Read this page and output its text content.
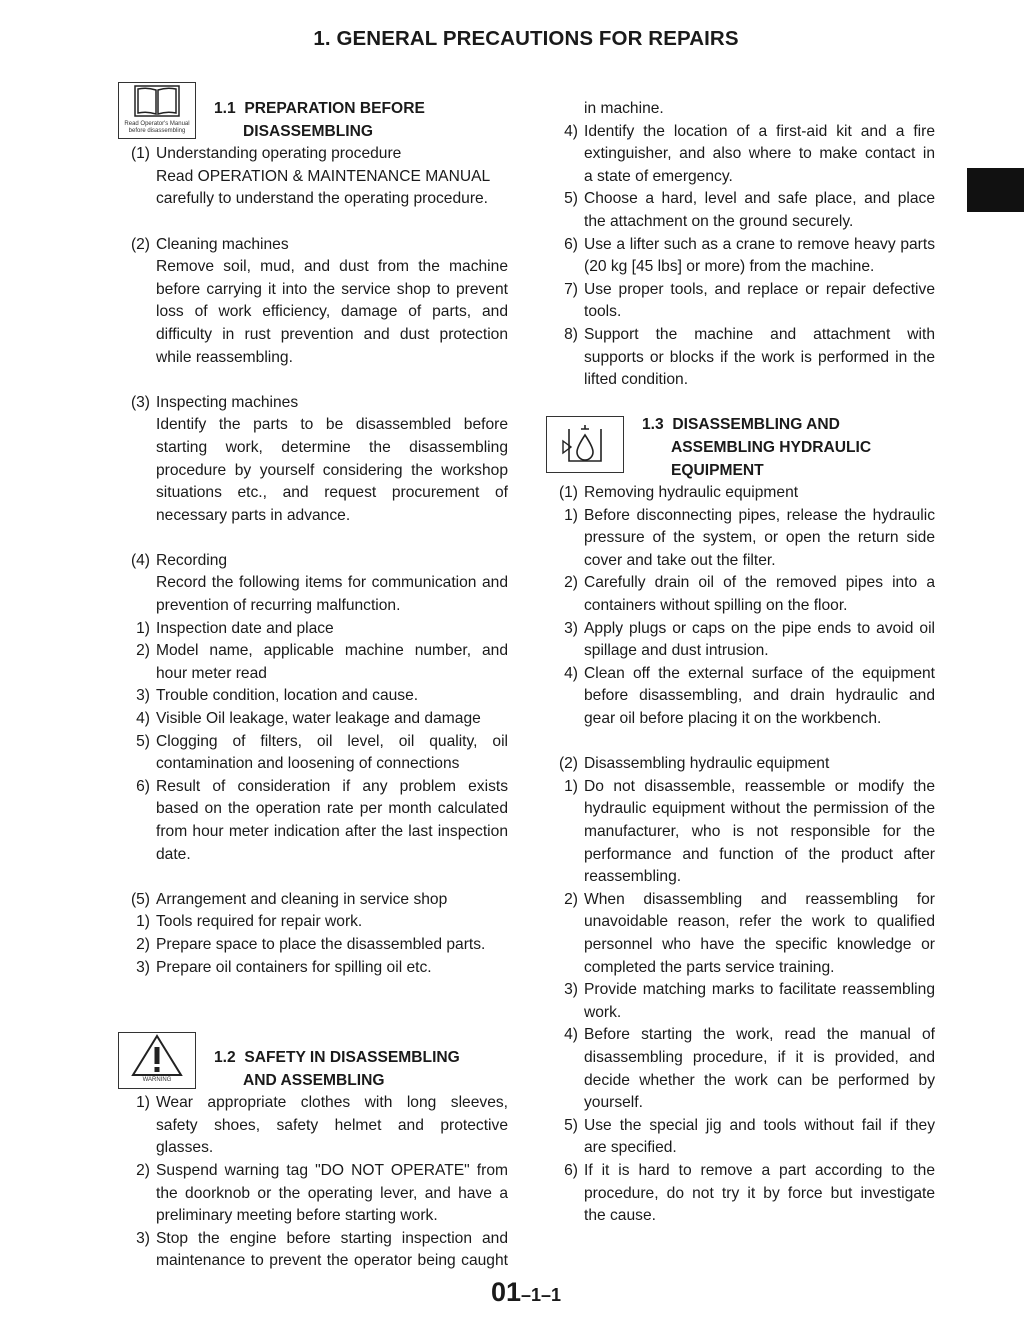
1. GENERAL PRECAUTIONS FOR REPAIRS
Read Operator's Manual
before disassembling
1.1 PREPARATION BEFORE
DISASSEMBLING
(1) Understanding operating procedure
Read OPERATION & MAINTENANCE MANUAL
carefully to understand the operating procedure.
(2) Cleaning machines
Remove soil, mud, and dust from the machine
before carrying it into the service shop to prevent
loss of work efficiency, damage of parts, and
difficulty in rust prevention and dust protection
while reassembling.
(3) Inspecting machines
Identify the parts to be disassembled before
starting work, determine the disassembling
procedure by yourself considering the workshop
situations etc., and request procurement of
necessary parts in advance.
(4) Recording
Record the following items for communication and
prevention of recurring malfunction.
1) Inspection date and place
2) Model name, applicable machine number, and
hour meter read
3) Trouble condition, location and cause.
4) Visible Oil leakage, water leakage and damage
5) Clogging of filters, oil level, oil quality, oil
contamination and loosening of connections
6) Result of consideration if any problem exists
based on the operation rate per month calculated
from hour meter indication after the last inspection
date.
(5) Arrangement and cleaning in service shop
1) Tools required for repair work.
2) Prepare space to place the disassembled parts.
3) Prepare oil containers for spilling oil etc.
WARNING
1.2 SAFETY IN DISASSEMBLING
AND ASSEMBLING
1) Wear appropriate clothes with long sleeves,
safety shoes, safety helmet and protective
glasses.
2) Suspend warning tag "DO NOT OPERATE" from
the doorknob or the operating lever, and have a
preliminary meeting before starting work.
3) Stop the engine before starting inspection and
maintenance to prevent the operator being caught
in machine.
4) Identify the location of a first-aid kit and a fire
extinguisher, and also where to make contact in
a state of emergency.
5) Choose a hard, level and safe place, and place
the attachment on the ground securely.
6) Use a lifter such as a crane to remove heavy parts
(20 kg [45 lbs] or more) from the machine.
7) Use proper tools, and replace or repair defective
tools.
8) Support the machine and attachment with
supports or blocks if the work is performed in the
lifted condition.
1.3 DISASSEMBLING AND
ASSEMBLING HYDRAULIC
EQUIPMENT
(1) Removing hydraulic equipment
1) Before disconnecting pipes, release the hydraulic
pressure of the system, or open the return side
cover and take out the filter.
2) Carefully drain oil of the removed pipes into a
containers without spilling on the floor.
3) Apply plugs or caps on the pipe ends to avoid oil
spillage and dust intrusion.
4) Clean off the external surface of the equipment
before disassembling, and drain hydraulic and
gear oil before placing it on the workbench.
(2) Disassembling hydraulic equipment
1) Do not disassemble, reassemble or modify the
hydraulic equipment without the permission of the
manufacturer, who is not responsible for the
performance and function of the product after
reassembling.
2) When disassembling and reassembling for
unavoidable reason, refer the work to qualified
personnel who have the specific knowledge or
completed the parts service training.
3) Provide matching marks to facilitate reassembling
work.
4) Before starting the work, read the manual of
disassembling procedure, if it is provided, and
decide whether the work can be performed by
yourself.
5) Use the special jig and tools without fail if they
are specified.
6) If it is hard to remove a part according to the
procedure, do not try it by force but investigate
the cause.
01–1–1
